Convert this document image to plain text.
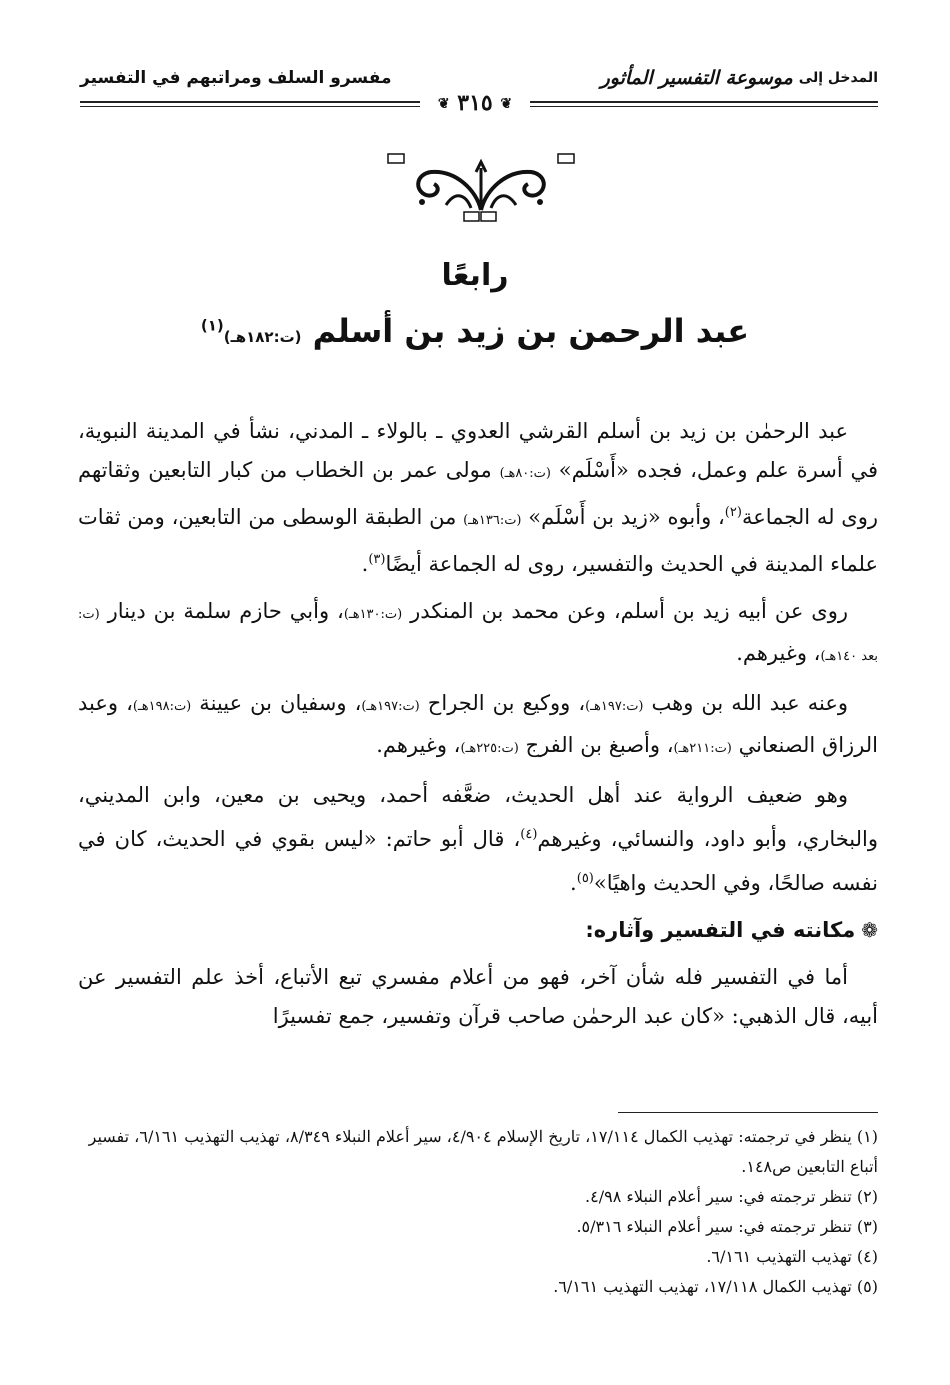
المدخل إلى
موسوعة التفسير المأثور
مفسرو السلف ومراتبهم في التفسير
❦ ٣١٥ ❦
رابعًا
عبد الرحمن بن زيد بن أسلم (ت:١٨٢هـ)$^{(١)}$

عبد الرحمٰن بن زيد بن أسلم القرشي العدوي ـ بالولاء ـ المدني، نشأ في المدينة النبوية، في أسرة علم وعمل، فجده «أَسْلَم» (ت:٨٠هـ) مولى عمر بن الخطاب من كبار التابعين وثقاتهم روى له الجماعة$^{(٢)}$، وأبوه «زيد بن أَسْلَم» (ت:١٣٦هـ) من الطبقة الوسطى من التابعين، ومن ثقات علماء المدينة في الحديث والتفسير، روى له الجماعة أيضًا$^{(٣)}$.

روى عن أبيه زيد بن أسلم، وعن محمد بن المنكدر (ت:١٣٠هـ)، وأبي حازم سلمة بن دينار (ت: بعد ١٤٠هـ)، وغيرهم.

وعنه عبد الله بن وهب (ت:١٩٧هـ)، ووكيع بن الجراح (ت:١٩٧هـ)، وسفيان بن عيينة (ت:١٩٨هـ)، وعبد الرزاق الصنعاني (ت:٢١١هـ)، وأصبغ بن الفرج (ت:٢٢٥هـ)، وغيرهم.

وهو ضعيف الرواية عند أهل الحديث، ضعَّفه أحمد، ويحيى بن معين، وابن المديني، والبخاري، وأبو داود، والنسائي، وغيرهم$^{(٤)}$، قال أبو حاتم: «ليس بقوي في الحديث، كان في نفسه صالحًا، وفي الحديث واهيًا»$^{(٥)}$.

❁مكانته في التفسير وآثاره:

أما في التفسير فله شأن آخر، فهو من أعلام مفسري تبع الأتباع، أخذ علم التفسير عن أبيه، قال الذهبي: «كان عبد الرحمٰن صاحب قرآن وتفسير، جمع تفسيرًا

(١) ينظر في ترجمته: تهذيب الكمال ١٧/١١٤، تاريخ الإسلام ٤/٩٠٤، سير أعلام النبلاء ٨/٣٤٩، تهذيب التهذيب ٦/١٦١، تفسير أتباع التابعين ص١٤٨.

(٢) تنظر ترجمته في: سير أعلام النبلاء ٤/٩٨.

(٣) تنظر ترجمته في: سير أعلام النبلاء ٥/٣١٦.

(٤) تهذيب التهذيب ٦/١٦١.

(٥) تهذيب الكمال ١٧/١١٨، تهذيب التهذيب ٦/١٦١.
